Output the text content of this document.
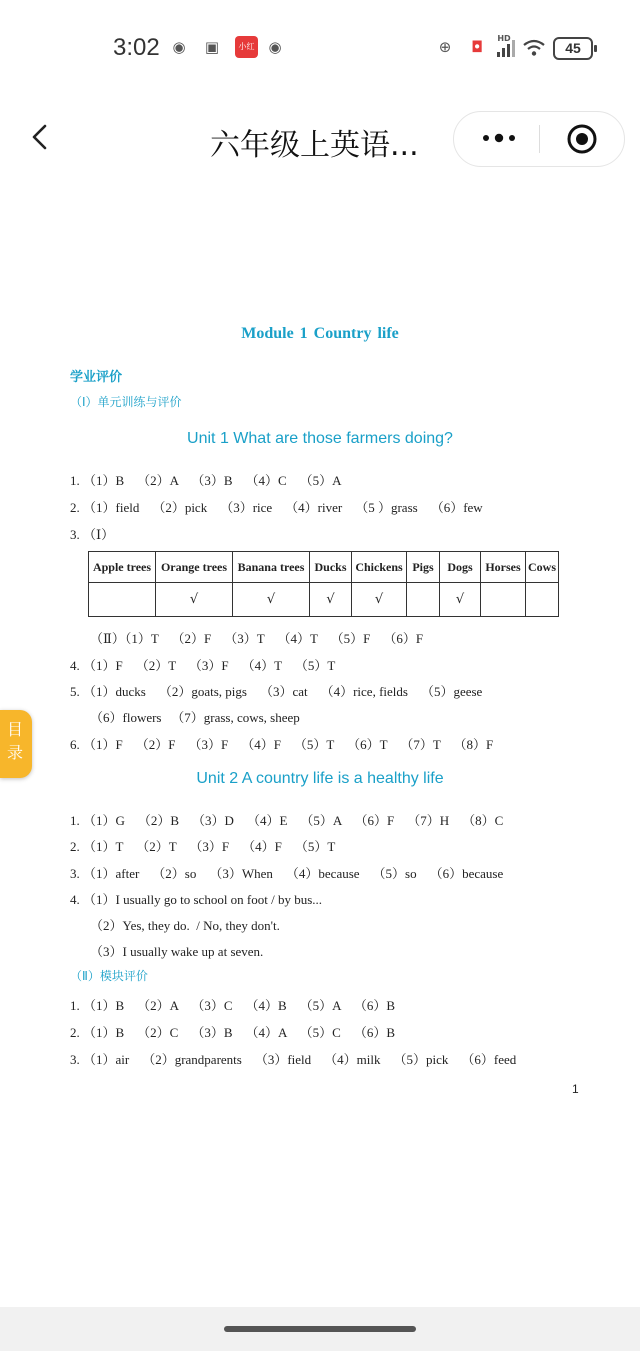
3:02 ◉ ▣	小红书
◉	⊕ ◘	HD
45
六年级上英语...
Module 1 Country life
学业评价
（Ⅰ）单元训练与评价
Unit 1 What are those farmers doing?
1. （1）B    （2）A    （3）B    （4）C    （5）A
2. （1）field    （2）pick    （3）rice    （4）river    （5 ）grass    （6）few
3. （Ⅰ）
Apple trees	Orange trees	Banana trees	Ducks	Chickens	Pigs	Dogs	Horses	Cows
	√	√	√	√		√		
（Ⅱ）（1）T    （2）F    （3）T    （4）T    （5）F    （6）F
4. （1）F    （2）T    （3）F    （4）T    （5）T
5. （1）ducks    （2）goats, pigs    （3）cat    （4）rice, fields    （5）geese
（6）flowers   （7）grass, cows, sheep
6. （1）F    （2）F    （3）F    （4）F    （5）T    （6）T    （7）T    （8）F
Unit 2 A country life is a healthy life
1. （1）G    （2）B    （3）D    （4）E    （5）A    （6）F    （7）H    （8）C
2. （1）T    （2）T    （3）F    （4）F    （5）T
3. （1）after    （2）so    （3）When    （4）because    （5）so    （6）because
4. （1）I usually go to school on foot / by bus...
（2）Yes, they do.  / No, they don't.
（3）I usually wake up at seven.
（Ⅱ）模块评价
1. （1）B    （2）A    （3）C    （4）B    （5）A    （6）B
2. （1）B    （2）C    （3）B    （4）A    （5）C    （6）B
3. （1）air    （2）grandparents    （3）field    （4）milk    （5）pick    （6）feed
1
目录
